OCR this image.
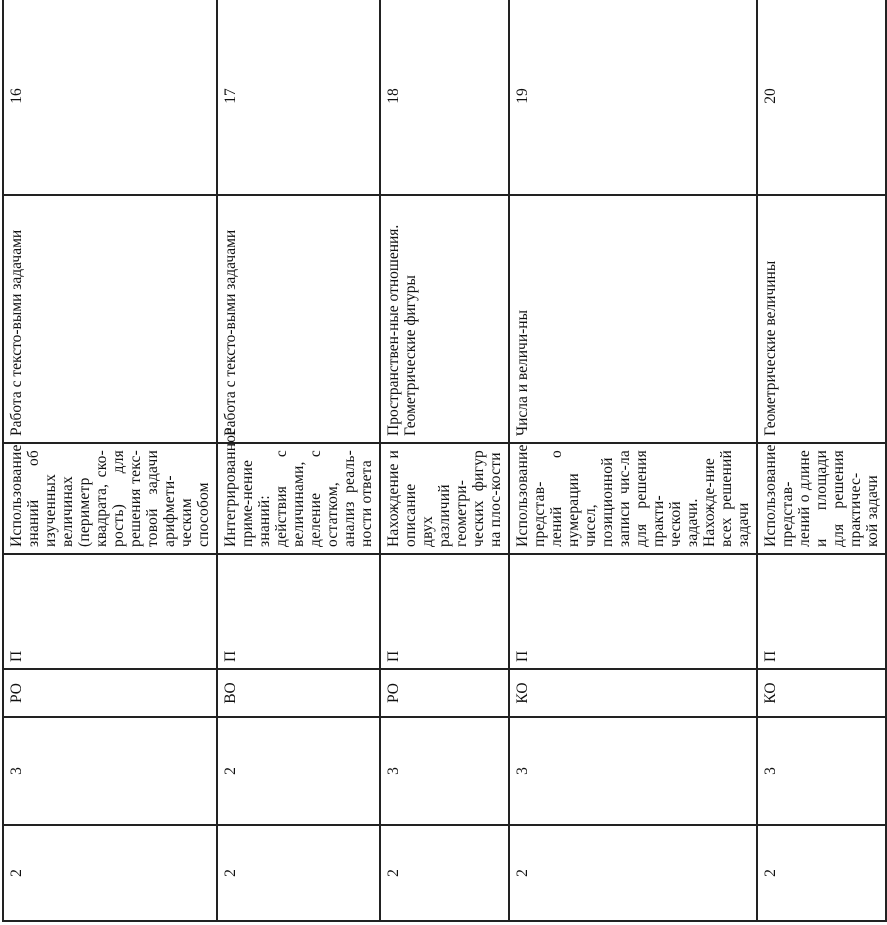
2	3	РО	П	Использование знаний об изученных величинах (периметр квадрата, ско-рость) для решения текс-товой задачи арифмети-ческим способом	Работа с тексто-выми задачами	16	
2	2	ВО	П	Интегрированное приме-нение знаний: действия с величинами, деление с остатком, анализ реаль-ности ответа	Работа с тексто-выми задачами	17	
2	3	РО	П	Нахождение и описание двух различий геометри-ческих фигур на плос-кости	Пространствен-ные отношения. Геометрические фигуры	18	
2	3	КО	П	Использование представ-лений о нумерации чисел, позиционной записи чис-ла для решения практи-ческой задачи. Нахожде-ние всех решений задачи	Числа и величи-ны	19	
2	3	КО	П	Использование представ-лений о длине и площади для решения практичес-кой задачи	Геометрические величины	20	
